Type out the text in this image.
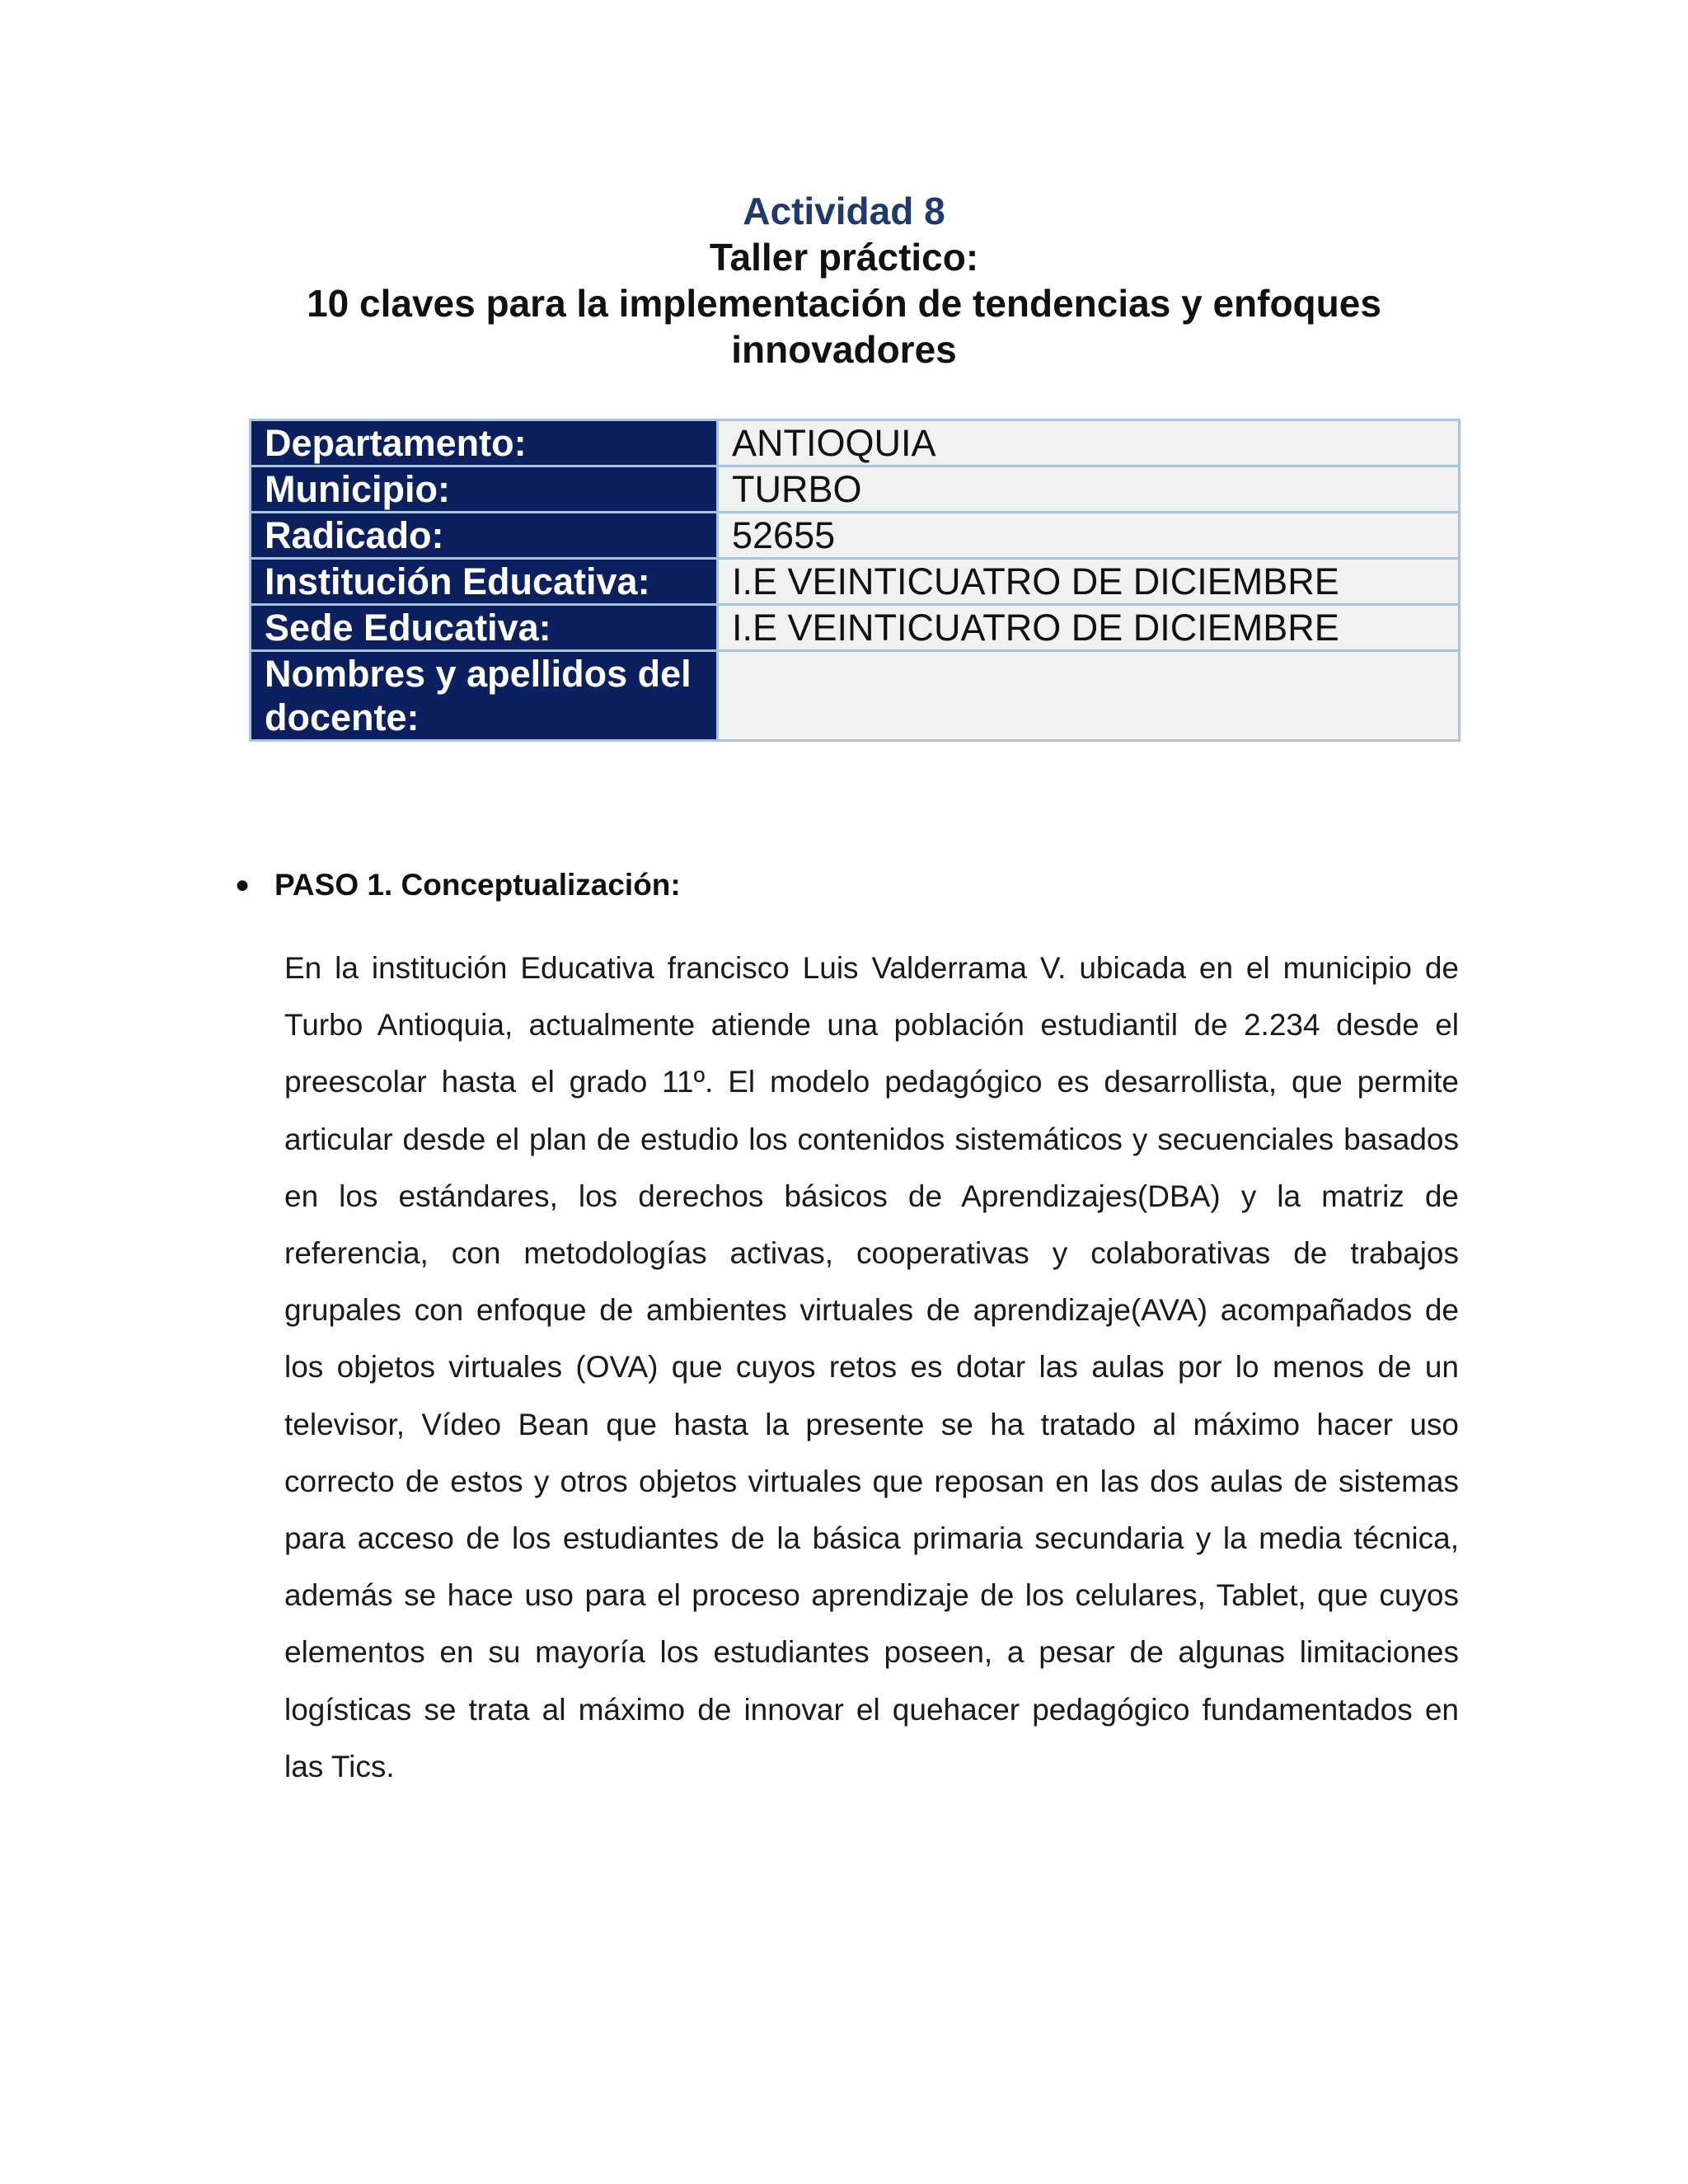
Actividad 8
Taller práctico:
10 claves para la implementación de tendencias y enfoques innovadores
Departamento:	ANTIOQUIA
Municipio:	TURBO
Radicado:	52655
Institución Educativa:	I.E VEINTICUATRO DE DICIEMBRE
Sede Educativa:	I.E VEINTICUATRO DE DICIEMBRE
Nombres y apellidos del docente:	
● PASO 1. Conceptualización:
En la institución Educativa francisco Luis Valderrama V. ubicada en el municipio de Turbo Antioquia, actualmente atiende una población estudiantil de 2.234 desde el preescolar hasta el grado 11º. El modelo pedagógico es desarrollista, que permite articular desde el plan de estudio los contenidos sistemáticos y secuenciales basados en los estándares, los derechos básicos de Aprendizajes(DBA) y la matriz de referencia, con metodologías activas, cooperativas y colaborativas de trabajos grupales con enfoque de ambientes virtuales de aprendizaje(AVA) acompañados de los objetos virtuales (OVA) que cuyos retos es dotar las aulas por lo menos de un televisor, Vídeo Bean que hasta la presente se ha tratado al máximo hacer uso correcto de estos y otros objetos virtuales que reposan en las dos aulas de sistemas para acceso de los estudiantes de la básica primaria secundaria y la media técnica, además se hace uso para el proceso aprendizaje de los celulares, Tablet, que cuyos elementos en su mayoría los estudiantes poseen, a pesar de algunas limitaciones logísticas se trata al máximo de innovar el quehacer pedagógico fundamentados en las Tics.
